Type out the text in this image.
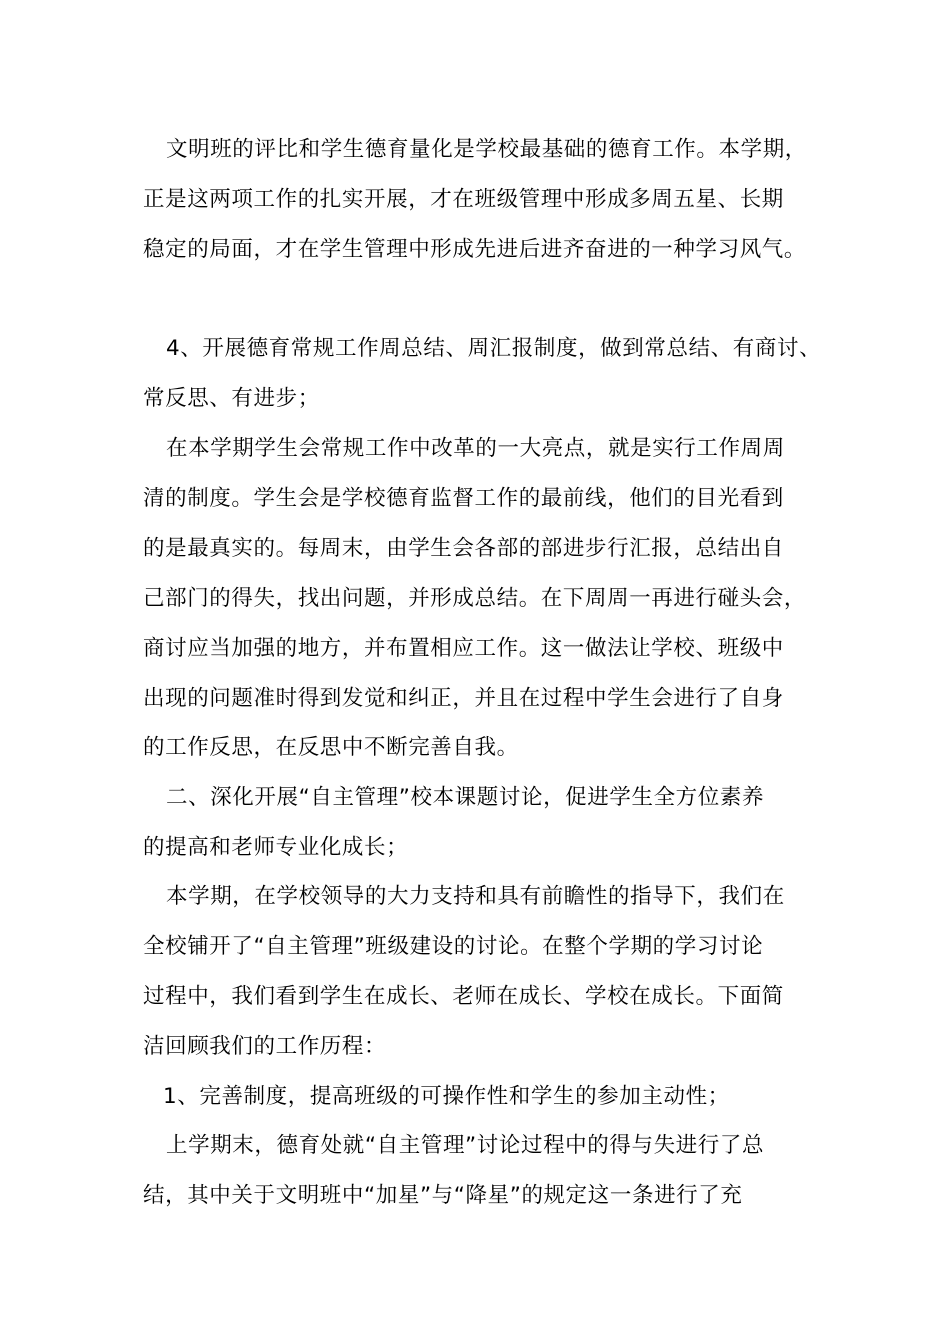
文明班的评比和学生德育量化是学校最基础的德育工作。本学期，
正是这两项工作的扎实开展，才在班级管理中形成多周五星、长期
稳定的局面，才在学生管理中形成先进后进齐奋进的一种学习风气。
4、开展德育常规工作周总结、周汇报制度，做到常总结、有商讨、
常反思、有进步；
在本学期学生会常规工作中改革的一大亮点，就是实行工作周周
清的制度。学生会是学校德育监督工作的最前线，他们的目光看到
的是最真实的。每周末，由学生会各部的部进步行汇报，总结出自
己部门的得失，找出问题，并形成总结。在下周周一再进行碰头会，
商讨应当加强的地方，并布置相应工作。这一做法让学校、班级中
出现的问题准时得到发觉和纠正，并且在过程中学生会进行了自身
的工作反思，在反思中不断完善自我。
二、深化开展“自主管理”校本课题讨论，促进学生全方位素养
的提高和老师专业化成长；
本学期，在学校领导的大力支持和具有前瞻性的指导下，我们在
全校铺开了“自主管理”班级建设的讨论。在整个学期的学习讨论
过程中，我们看到学生在成长、老师在成长、学校在成长。下面简
洁回顾我们的工作历程：
1、完善制度，提高班级的可操作性和学生的参加主动性；
上学期末，德育处就“自主管理”讨论过程中的得与失进行了总
结，其中关于文明班中“加星”与“降星”的规定这一条进行了充
